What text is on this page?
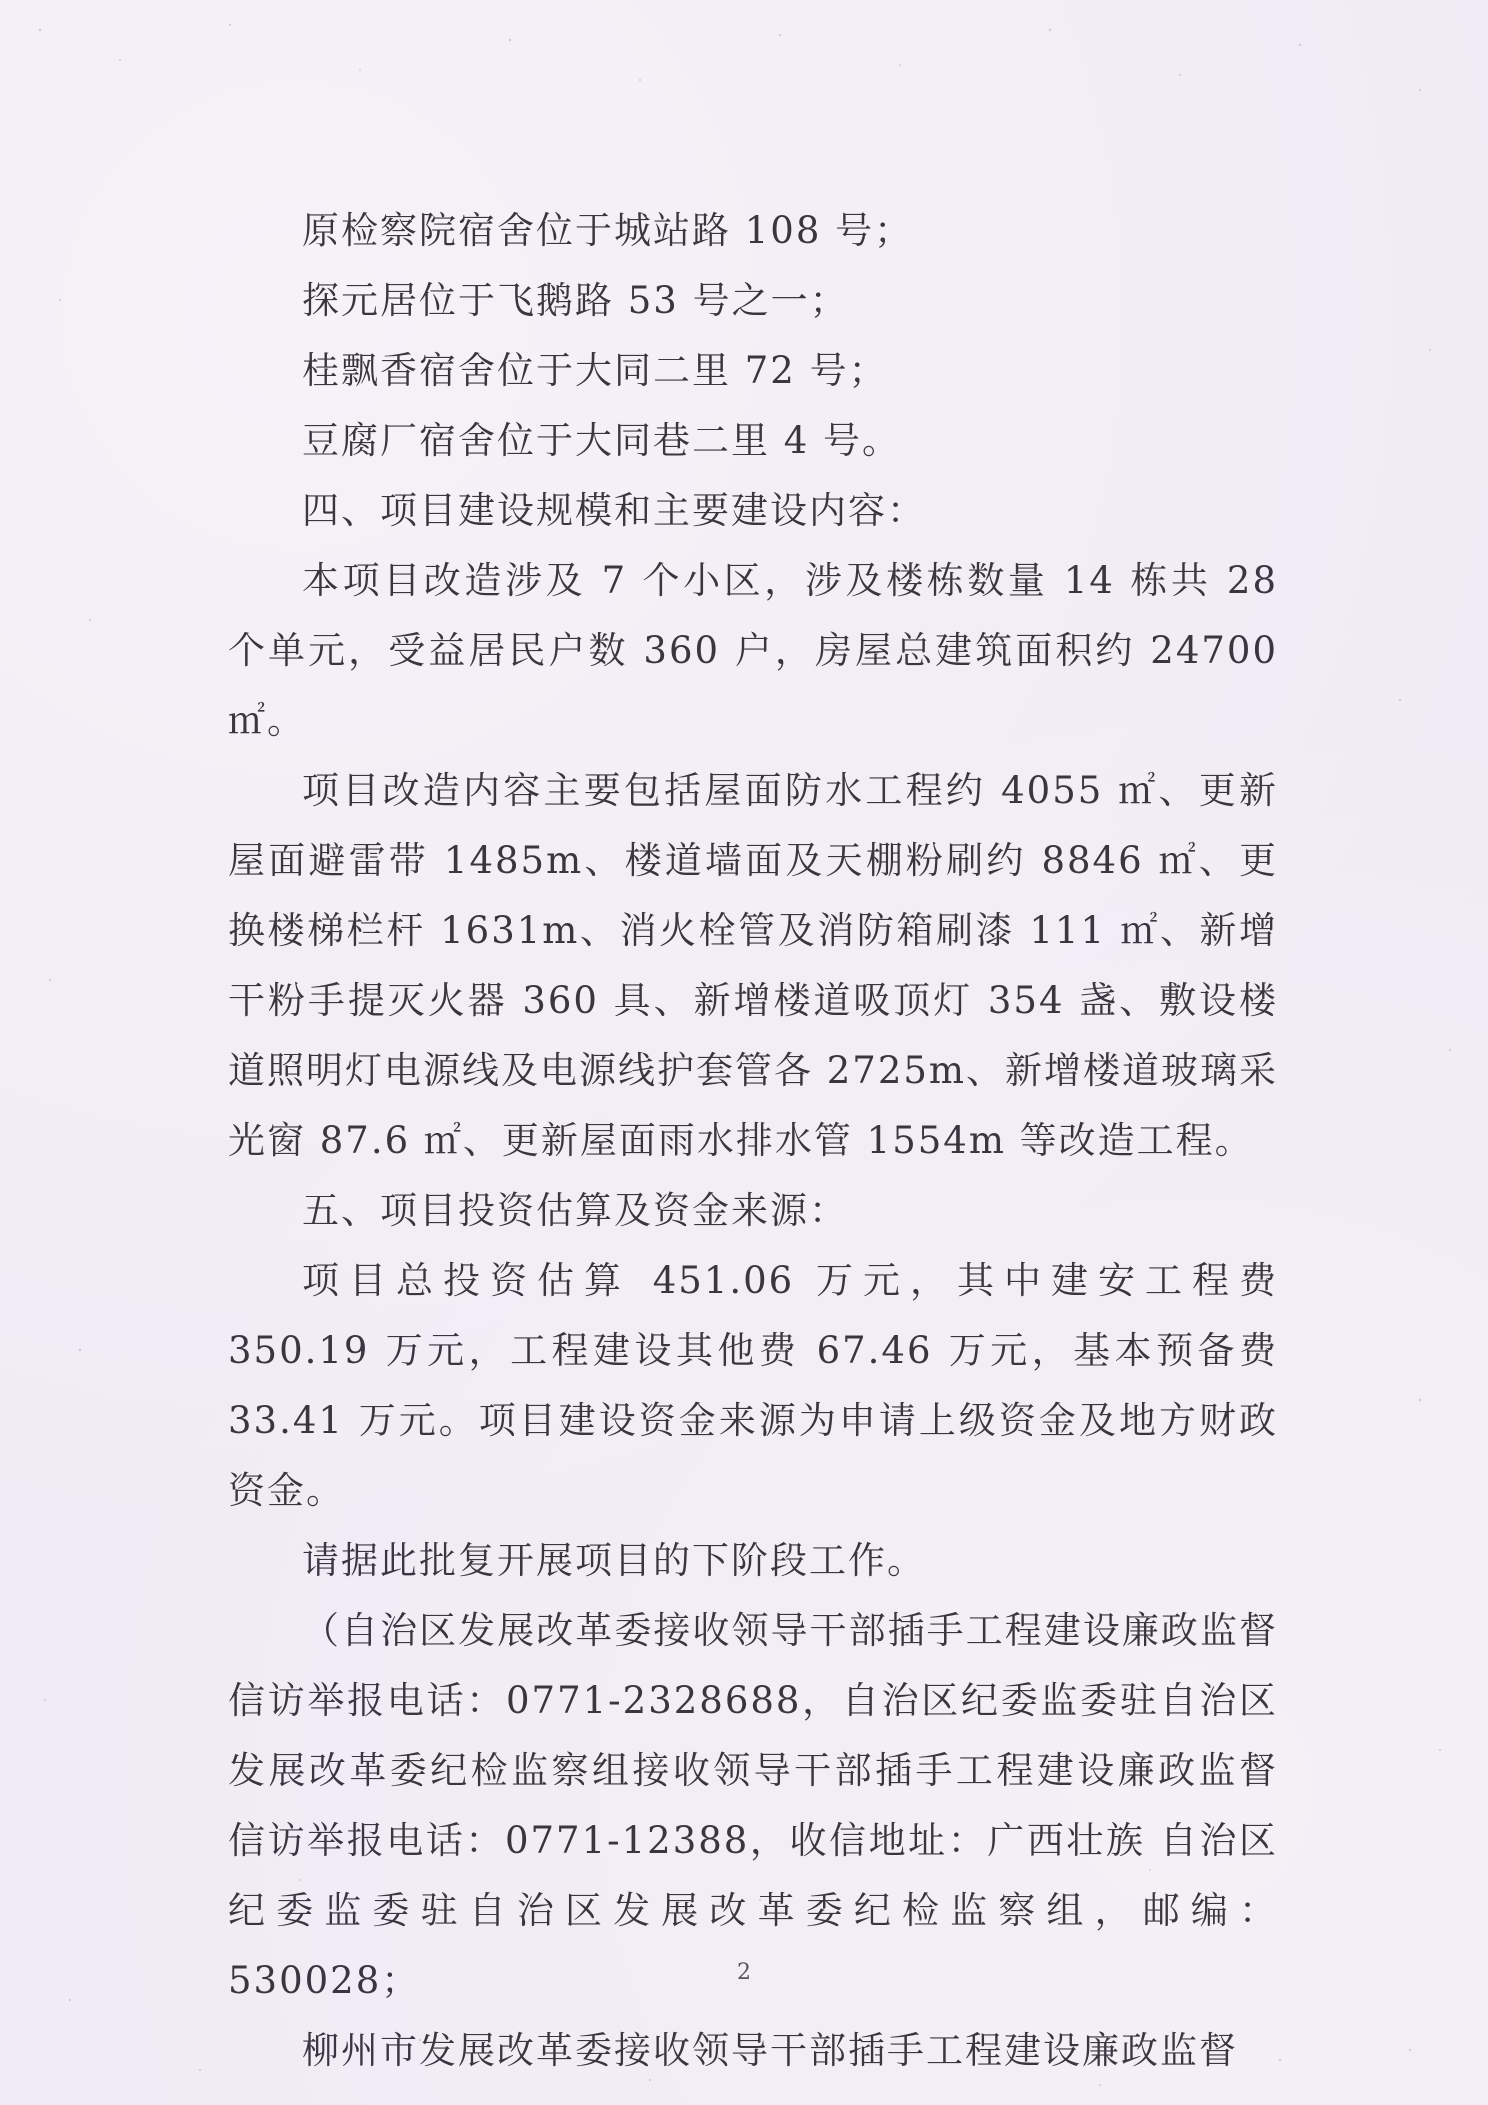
原检察院宿舍位于城站路 108 号；

探元居位于飞鹅路 53 号之一；

桂飘香宿舍位于大同二里 72 号；

豆腐厂宿舍位于大同巷二里 4 号。

四、项目建设规模和主要建设内容：

本项目改造涉及 7 个小区，涉及楼栋数量 14 栋共 28 个单元，受益居民户数 360 户，房屋总建筑面积约 24700 ㎡。

项目改造内容主要包括屋面防水工程约 4055 ㎡、更新屋面避雷带 1485m、楼道墙面及天棚粉刷约 8846 ㎡、更换楼梯栏杆 1631m、消火栓管及消防箱刷漆 111 ㎡、新增干粉手提灭火器 360 具、新增楼道吸顶灯 354 盏、敷设楼道照明灯电源线及电源线护套管各 2725m、新增楼道玻璃采光窗 87.6 ㎡、更新屋面雨水排水管 1554m 等改造工程。

五、项目投资估算及资金来源：

项目总投资估算 451.06 万元，其中建安工程费 350.19 万元，工程建设其他费 67.46 万元，基本预备费 33.41 万元。项目建设资金来源为申请上级资金及地方财政资金。

请据此批复开展项目的下阶段工作。

（自治区发展改革委接收领导干部插手工程建设廉政监督 信访举报电话：0771-2328688，自治区纪委监委驻自治区发展改革委纪检监察组接收领导干部插手工程建设廉政监督信访举报电话：0771-12388，收信地址：广西壮族 自治区纪委监委驻自治区发展改革委纪检监察组，邮编：530028；

柳州市发展改革委接收领导干部插手工程建设廉政监督

2
